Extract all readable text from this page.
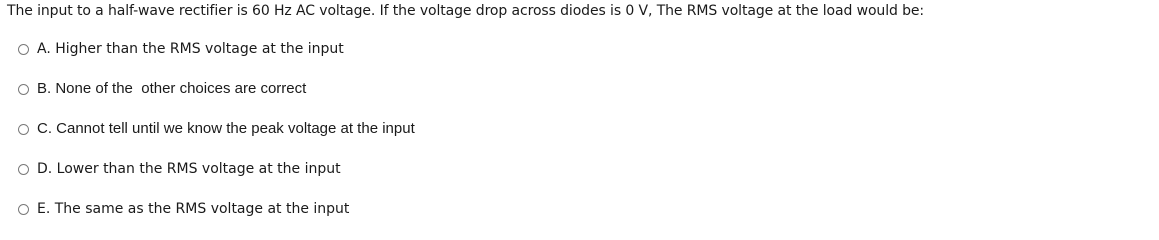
The input to a half-wave rectifier is 60 Hz AC voltage. If the voltage drop across diodes is 0 V, The RMS voltage at the load would be:
A. Higher than the RMS voltage at the input
B. None of the  other choices are correct
C. Cannot tell until we know the peak voltage at the input
D. Lower than the RMS voltage at the input
E. The same as the RMS voltage at the input
